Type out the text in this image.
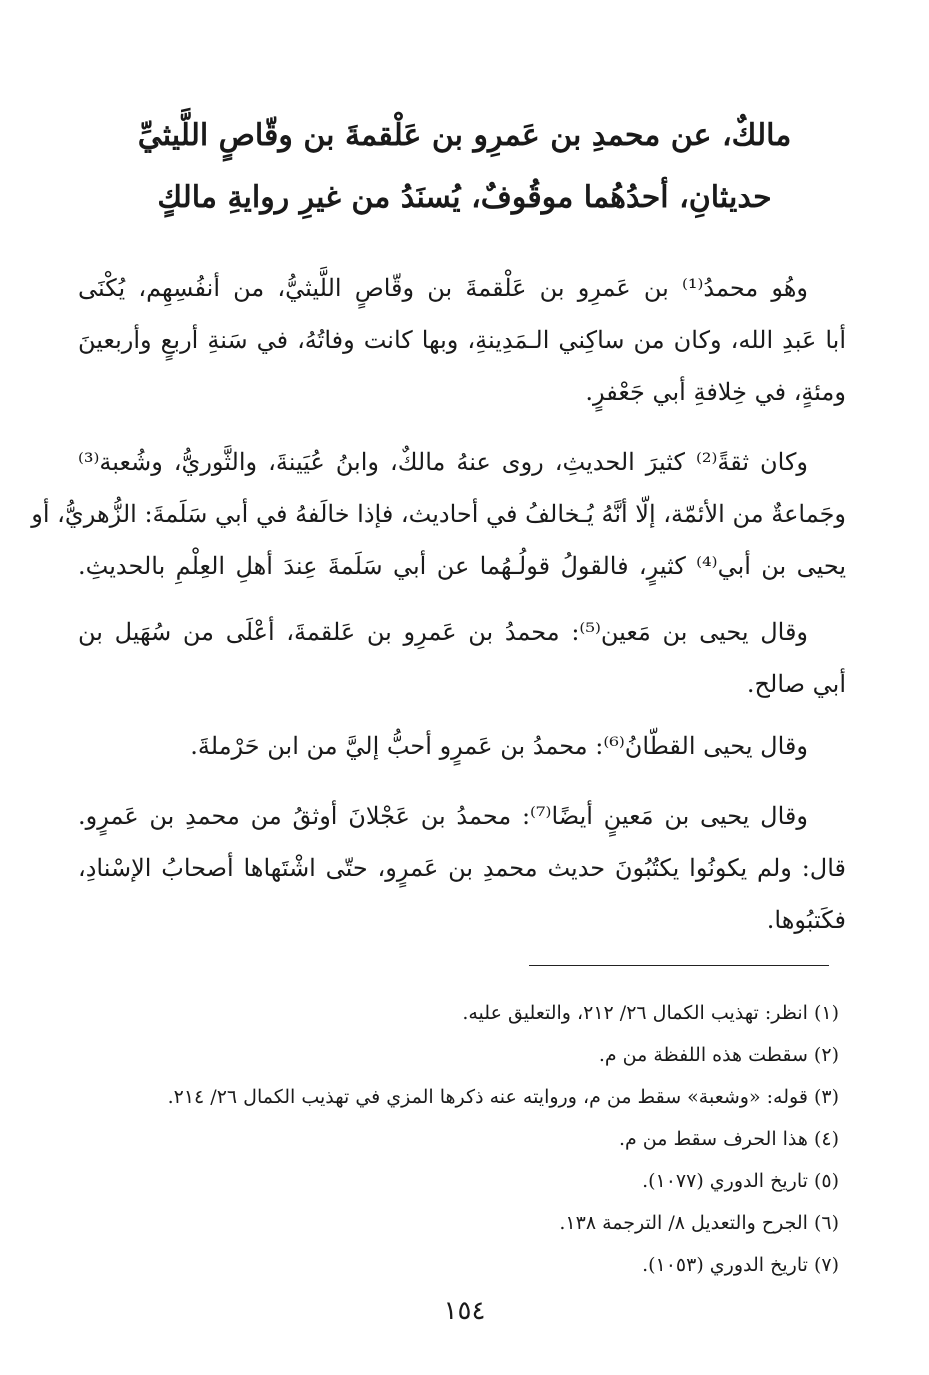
مالكٌ، عن محمدِ بن عَمرِو بن عَلْقمةَ بن وقّاصٍ اللَّيثيِّ
حديثانِ، أحدُهُما موقُوفٌ، يُسنَدُ من غيرِ روايةِ مالكٍ
وهُو محمدُ⁽¹⁾ بن عَمرِو بن عَلْقمةَ بن وقّاصٍ اللَّيثيُّ، من أنفُسِهِم، يُكْنَى
أبا عَبدِ الله، وكان من ساكِني الـمَدِينةِ، وبها كانت وفاتُهُ، في سَنةِ أربعٍ وأربعينَ
ومئةٍ، في خِلافةِ أبي جَعْفرٍ.
وكان ثقةً⁽²⁾ كثيرَ الحديثِ، روى عنهُ مالكٌ، وابنُ عُيَينةَ، والثَّوريُّ، وشُعبة⁽³⁾
وجَماعةٌ من الأئمّة، إلّا أنَّهُ يُـخالفُ في أحاديث، فإذا خالَفهُ في أبي سَلَمةَ: الزُّهريُّ، أو
يحيى بن أبي⁽⁴⁾ كثيرٍ، فالقولُ قولُـهُما عن أبي سَلَمةَ عِندَ أهلِ العِلْمِ بالحديثِ.
وقال يحيى بن مَعين⁽⁵⁾: محمدُ بن عَمرِو بن عَلقمةَ، أعْلَى من سُهَيل بن
أبي صالح.
وقال يحيى القطّانُ⁽⁶⁾: محمدُ بن عَمرٍو أحبُّ إليَّ من ابن حَرْملةَ.
وقال يحيى بن مَعينٍ أيضًا⁽⁷⁾: محمدُ بن عَجْلانَ أوثقُ من محمدِ بن عَمرٍو.
قال: ولم يكونُوا يكتُبُونَ حديث محمدِ بن عَمرٍو، حتّى اشْتَهاها أصحابُ الإسْنادِ،
فكَتبُوها.
(١) انظر: تهذيب الكمال ٢٦/ ٢١٢، والتعليق عليه.
(٢) سقطت هذه اللفظة من م.
(٣) قوله: «وشعبة» سقط من م، وروايته عنه ذكرها المزي في تهذيب الكمال ٢٦/ ٢١٤.
(٤) هذا الحرف سقط من م.
(٥) تاريخ الدوري (١٠٧٧).
(٦) الجرح والتعديل ٨/ الترجمة ١٣٨.
(٧) تاريخ الدوري (١٠٥٣).
١٥٤
